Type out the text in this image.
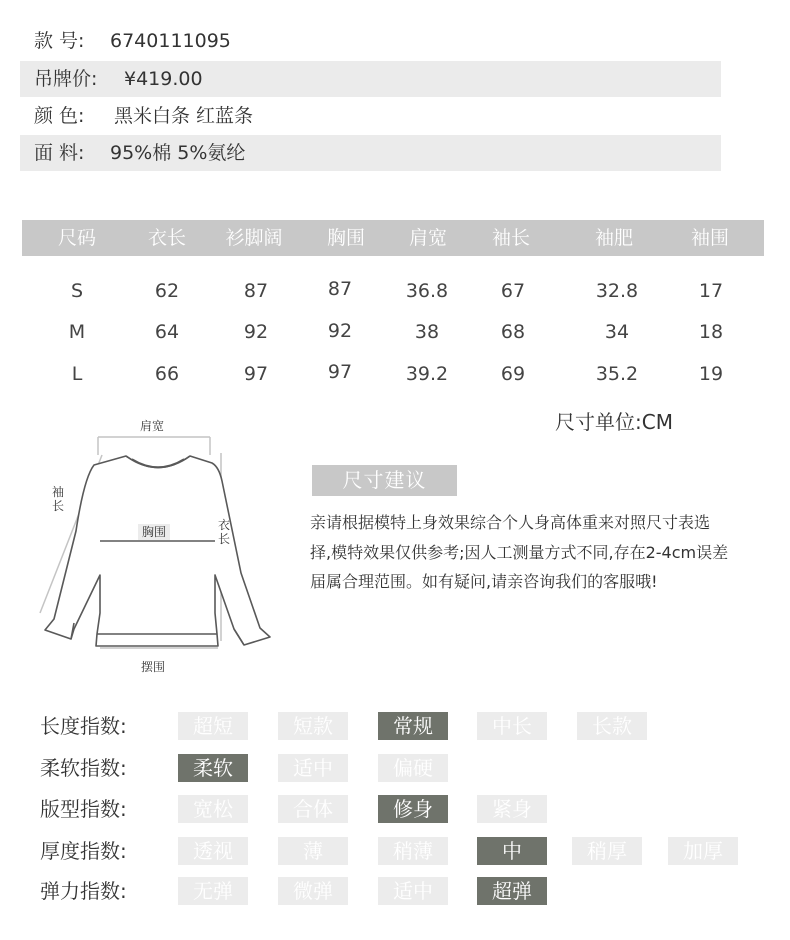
款 号: 6740111095
吊牌价: ¥419.00
颜 色: 黑米白条 红蓝条
面 料: 95%棉 5%氨纶
尺码	衣长 衫脚阔 胸围 肩宽 袖长	袖肥	袖围
S	62	87	87	36.8	67	32.8	17
M	64	92	92	38	68	34	18
L	66	97	97	39.2	69	35.2	19
尺寸单位:CM
肩宽
袖长
胸围	衣长
摆围
尺寸建议
亲请根据模特上身效果综合个人身高体重来对照尺寸表选择,模特效果仅供参考;因人工测量方式不同,存在2-4cm误差届属合理范围。如有疑问,请亲咨询我们的客服哦!
长度指数:	超短	短款	常规	中长	长款
柔软指数:	柔软	适中	偏硬
版型指数:	宽松	合体	修身	紧身
厚度指数:	透视	薄	稍薄	中	稍厚	加厚
弹力指数:	无弹	微弹	适中	超弹
